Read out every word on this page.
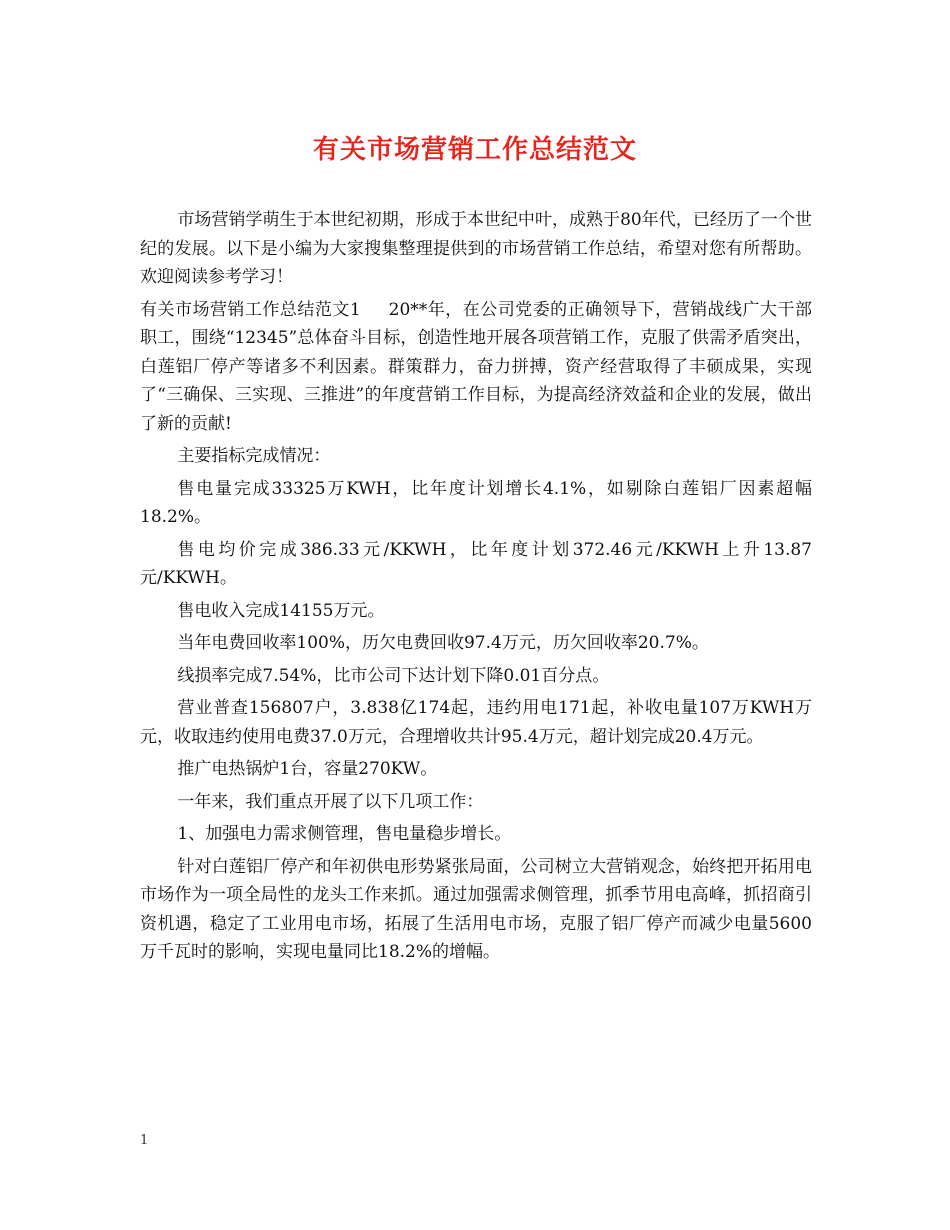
有关市场营销工作总结范文

市场营销学萌生于本世纪初期，形成于本世纪中叶，成熟于80年代，已经历了一个世纪的发展。以下是小编为大家搜集整理提供到的市场营销工作总结，希望对您有所帮助。欢迎阅读参考学习！

有关市场营销工作总结范文1 20**年，在公司党委的正确领导下，营销战线广大干部职工，围绕“12345”总体奋斗目标，创造性地开展各项营销工作，克服了供需矛盾突出，白莲铝厂停产等诸多不利因素。群策群力，奋力拼搏，资产经营取得了丰硕成果，实现了“三确保、三实现、三推进”的年度营销工作目标，为提高经济效益和企业的发展，做出了新的贡献!

主要指标完成情况：

售电量完成33325万KWH，比年度计划增长4.1%，如剔除白莲铝厂因素超幅18.2%。

售电均价完成386.33元/KKWH，比年度计划372.46元/KKWH上升13.87元/KKWH。

售电收入完成14155万元。

当年电费回收率100%，历欠电费回收97.4万元，历欠回收率20.7%。

线损率完成7.54%，比市公司下达计划下降0.01百分点。

营业普查156807户，3.838亿174起，违约用电171起，补收电量107万KWH万元，收取违约使用电费37.0万元，合理增收共计95.4万元，超计划完成20.4万元。

推广电热锅炉1台，容量270KW。

一年来，我们重点开展了以下几项工作：

1、加强电力需求侧管理，售电量稳步增长。

针对白莲铝厂停产和年初供电形势紧张局面，公司树立大营销观念，始终把开拓用电市场作为一项全局性的龙头工作来抓。通过加强需求侧管理，抓季节用电高峰，抓招商引资机遇，稳定了工业用电市场，拓展了生活用电市场，克服了铝厂停产而减少电量5600万千瓦时的影响，实现电量同比18.2%的增幅。

1
